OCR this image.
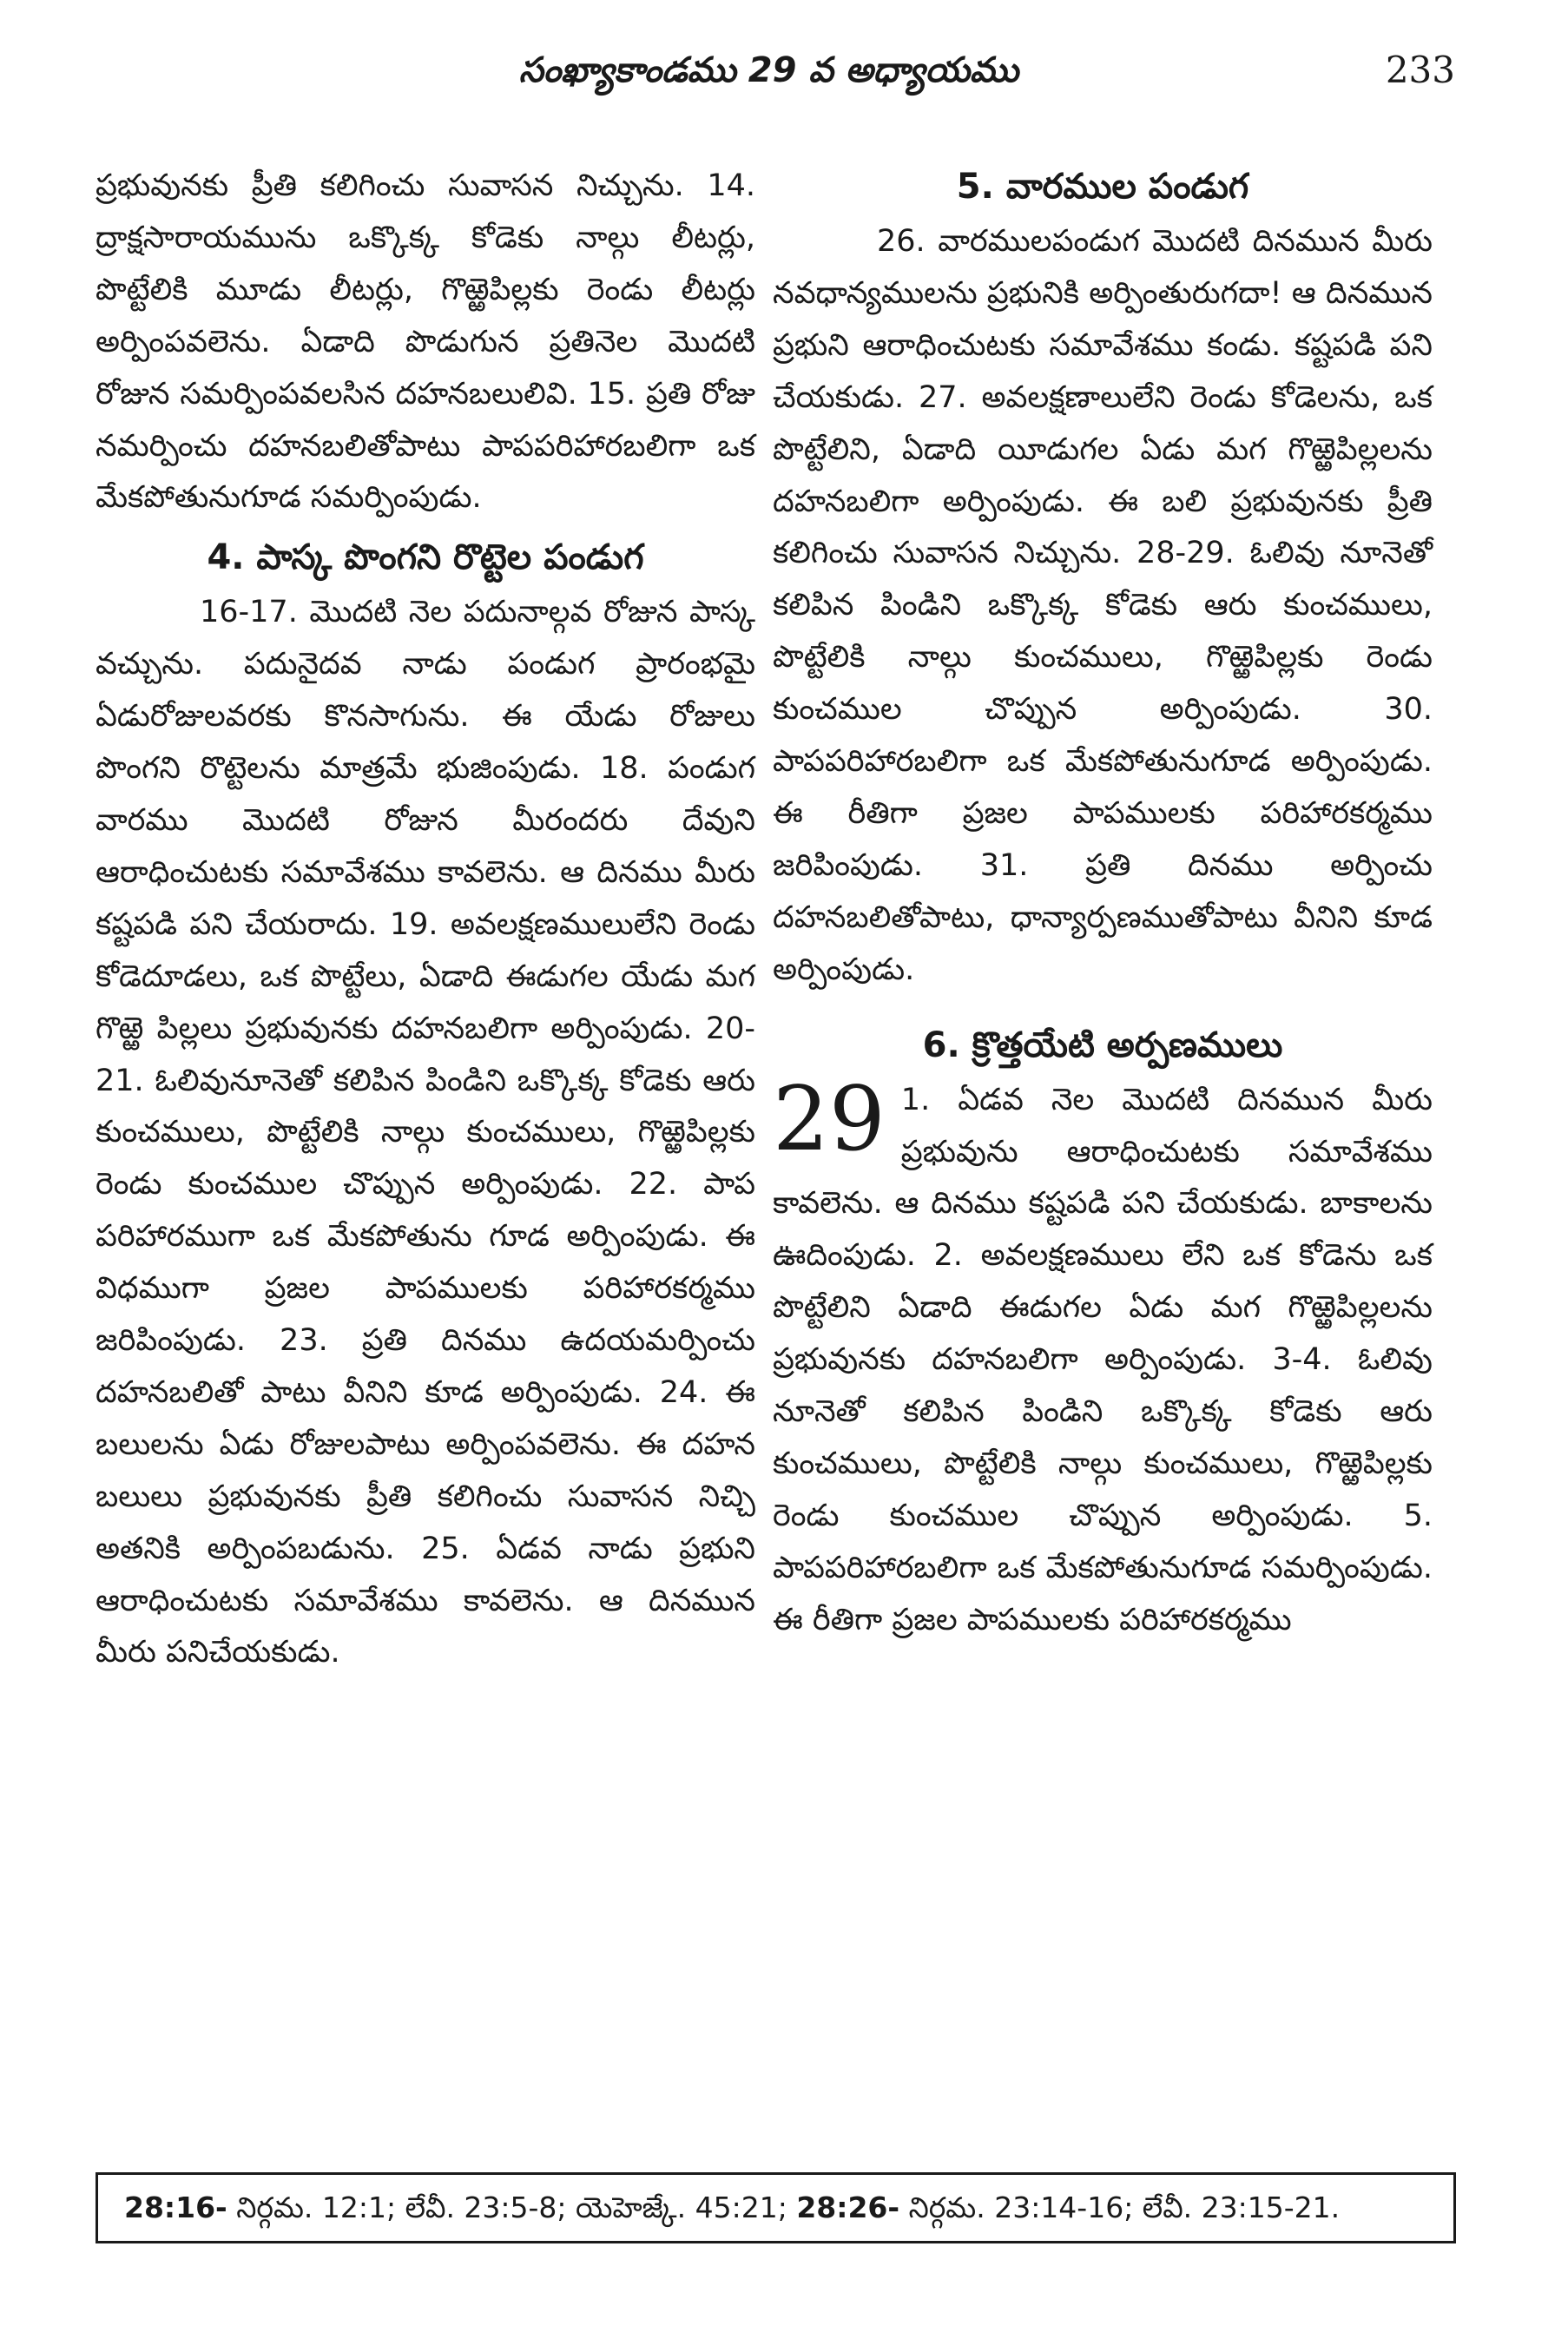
సంఖ్యాకాండము 29 వ అధ్యాయము	233

ప్రభువునకు ప్రీతి కలిగించు సువాసన నిచ్చును. 14. ద్రాక్షసారాయమును ఒక్కొక్క కోడెకు నాల్గు లీటర్లు, పొట్టేలికి మూడు లీటర్లు, గొఱ్ఱెపిల్లకు రెండు లీటర్లు అర్పింపవలెను. ఏడాది పొడుగున ప్రతినెల మొదటి రోజున సమర్పింపవలసిన దహనబలులివి. 15. ప్రతి రోజు నమర్పించు దహనబలితోపాటు పాపపరిహారబలిగా ఒక మేకపోతునుగూడ సమర్పింపుడు.

4. పాస్క పొంగని రొట్టెల పండుగ

16-17. మొదటి నెల పదునాల్గవ రోజున పాస్క వచ్చును. పదునైదవ నాడు పండుగ ప్రారంభమై ఏడురోజులవరకు కొనసాగును. ఈ యేడు రోజులు పొంగని రొట్టెలను మాత్రమే భుజింపుడు. 18. పండుగ వారము మొదటి రోజున మీరందరు దేవుని ఆరాధించుటకు సమావేశము కావలెను. ఆ దినము మీరు కష్టపడి పని చేయరాదు. 19. అవలక్షణములులేని రెండు కోడెదూడలు, ఒక పొట్టేలు, ఏడాది ఈడుగల యేడు మగ గొఱ్ఱె పిల్లలు ప్రభువునకు దహనబలిగా అర్పింపుడు. 20-21. ఓలివునూనెతో కలిపిన పిండిని ఒక్కొక్క కోడెకు ఆరు కుంచములు, పొట్టేలికి నాల్గు కుంచములు, గొఱ్ఱెపిల్లకు రెండు కుంచముల చొప్పున అర్పింపుడు. 22. పాప పరిహారముగా ఒక మేకపోతును గూడ అర్పింపుడు. ఈ విధముగా ప్రజల పాపములకు పరిహారకర్మము జరిపింపుడు. 23. ప్రతి దినము ఉదయమర్పించు దహనబలితో పాటు వీనిని కూడ అర్పింపుడు. 24. ఈ బలులను ఏడు రోజులపాటు అర్పింపవలెను. ఈ దహన బలులు ప్రభువునకు ప్రీతి కలిగించు సువాసన నిచ్చి అతనికి అర్పింపబడును. 25. ఏడవ నాడు ప్రభుని ఆరాధించుటకు సమావేశము కావలెను. ఆ దినమున మీరు పనిచేయకుడు.

5. వారముల పండుగ

26. వారములపండుగ మొదటి దినమున మీరు నవధాన్యములను ప్రభునికి అర్పింతురుగదా! ఆ దినమున ప్రభుని ఆరాధించుటకు సమావేశము కండు. కష్టపడి పని చేయకుడు. 27. అవలక్షణాలులేని రెండు కోడెలను, ఒక పొట్టేలిని, ఏడాది యీడుగల ఏడు మగ గొఱ్ఱెపిల్లలను దహనబలిగా అర్పింపుడు. ఈ బలి ప్రభువునకు ప్రీతి కలిగించు సువాసన నిచ్చును. 28-29. ఓలివు నూనెతో కలిపిన పిండిని ఒక్కొక్క కోడెకు ఆరు కుంచములు, పొట్టేలికి నాల్గు కుంచములు, గొఱ్ఱెపిల్లకు రెండు కుంచముల చొప్పున అర్పింపుడు. 30. పాపపరిహారబలిగా ఒక మేకపోతునుగూడ అర్పింపుడు. ఈ రీతిగా ప్రజల పాపములకు పరిహారకర్మము జరిపింపుడు. 31. ప్రతి దినము అర్పించు దహనబలితోపాటు, ధాన్యార్పణముతోపాటు వీనిని కూడ అర్పింపుడు.

6. క్రొత్తయేటి అర్పణములు
29 1. ఏడవ నెల మొదటి దినమున మీరు ప్రభువును ఆరాధించుటకు సమావేశము కావలెను. ఆ దినము కష్టపడి పని చేయకుడు. బాకాలను ఊదింపుడు. 2. అవలక్షణములు లేని ఒక కోడెను ఒక పొట్టేలిని ఏడాది ఈడుగల ఏడు మగ గొఱ్ఱెపిల్లలను ప్రభువునకు దహనబలిగా అర్పింపుడు. 3-4. ఓలివు నూనెతో కలిపిన పిండిని ఒక్కొక్క కోడెకు ఆరు కుంచములు, పొట్టేలికి నాల్గు కుంచములు, గొఱ్ఱెపిల్లకు రెండు కుంచముల చొప్పున అర్పింపుడు. 5. పాపపరిహారబలిగా ఒక మేకపోతునుగూడ సమర్పింపుడు. ఈ రీతిగా ప్రజల పాపములకు పరిహారకర్మము
28:16- నిర్గమ. 12:1; లేవీ. 23:5-8; యెహెజ్కే. 45:21; 28:26- నిర్గమ. 23:14-16; లేవీ. 23:15-21.
